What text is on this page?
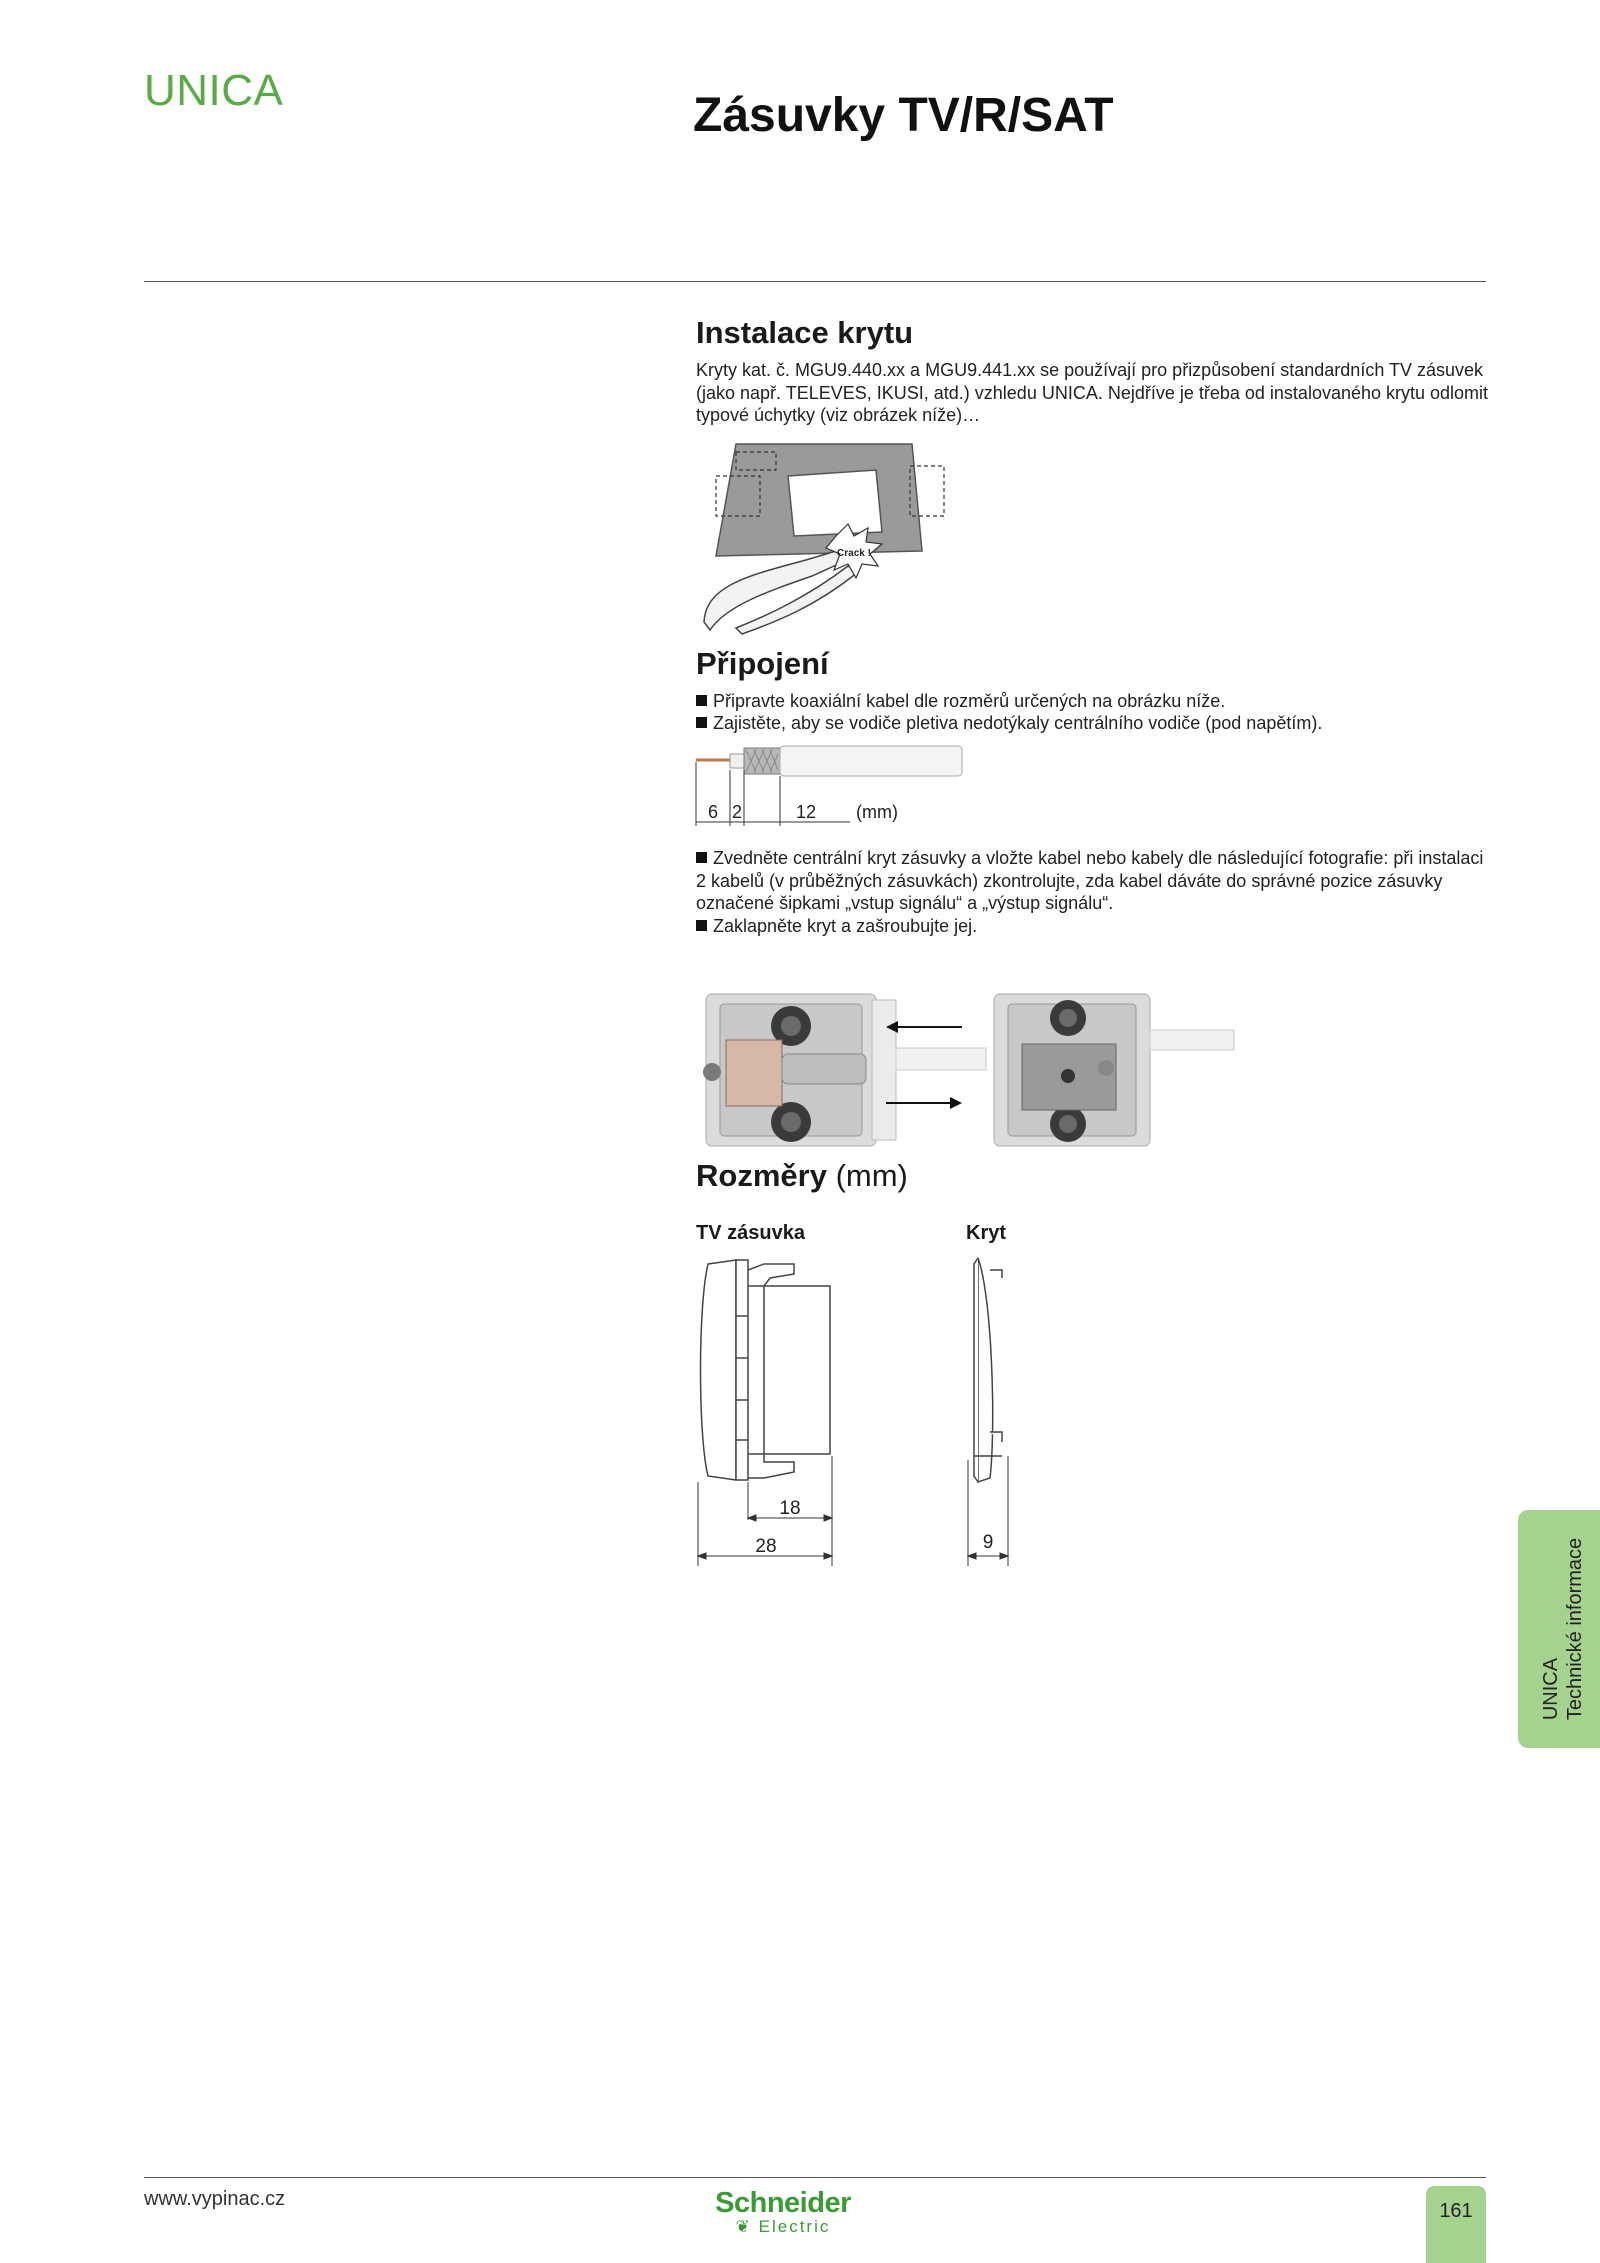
UNICA	Zásuvky TV/R/SAT
Instalace krytu

Kryty kat. č. MGU9.440.xx a MGU9.441.xx se používají pro přizpůsobení standardních TV zásuvek (jako např. TELEVES, IKUSI, atd.) vzhledu UNICA. Nejdříve je třeba od instalovaného krytu odlomit typové úchytky (viz obrázek níže)…

Crack !
Připojení

Připravte koaxiální kabel dle rozměrů určených na obrázku níže.

Zajistěte, aby se vodiče pletiva nedotýkaly centrálního vodiče (pod napětím).

6 2	12 (mm)

Zvedněte centrální kryt zásuvky a vložte kabel nebo kabely dle následující fotografie: při instalaci 2 kabelů (v průběžných zásuvkách) zkontrolujte, zda kabel dáváte do správné pozice zásuvky označené šipkami „vstup signálu“ a „výstup signálu“.

Zaklapněte kryt a zašroubujte jej.

Rozměry (mm)
TV zásuvka	Kryt
18
28	9
UNICA Technické informace
www.vypinac.cz	Schneider
❦ Electric
161
